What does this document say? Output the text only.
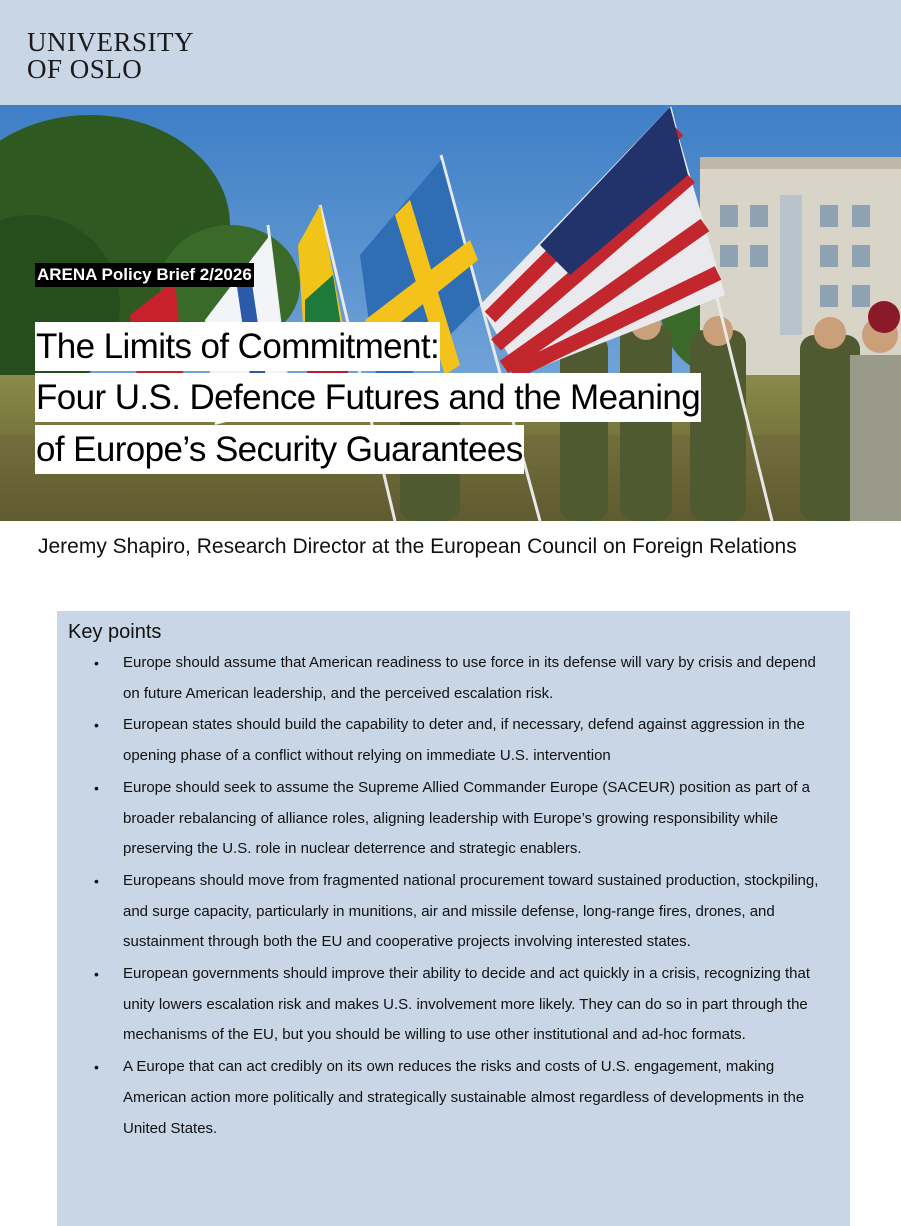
UNIVERSITY
OF OSLO
ARENA Policy Brief 2/2026
The Limits of Commitment:
Four U.S. Defence Futures and the Meaning
of Europe’s Security Guarantees
Jeremy Shapiro, Research Director at the European Council on Foreign Relations
Key points
• Europe should assume that American readiness to use force in its defense will vary by crisis and depend on future American leadership, and the perceived escalation risk.
• European states should build the capability to deter and, if necessary, defend against aggression in the opening phase of a conflict without relying on immediate U.S. intervention
• Europe should seek to assume the Supreme Allied Commander Europe (SACEUR) position as part of a broader rebalancing of alliance roles, aligning leadership with Europe’s growing responsibility while preserving the U.S. role in nuclear deterrence and strategic enablers.
• Europeans should move from fragmented national procurement toward sustained production, stockpiling, and surge capacity, particularly in munitions, air and missile defense, long-range fires, drones, and sustainment through both the EU and cooperative projects involving interested states.
• European governments should improve their ability to decide and act quickly in a crisis, recognizing that unity lowers escalation risk and makes U.S. involvement more likely. They can do so in part through the mechanisms of the EU, but you should be willing to use other institutional and ad-hoc formats.
• A Europe that can act credibly on its own reduces the risks and costs of U.S. engagement, making American action more politically and strategically sustainable almost regardless of developments in the United States.
